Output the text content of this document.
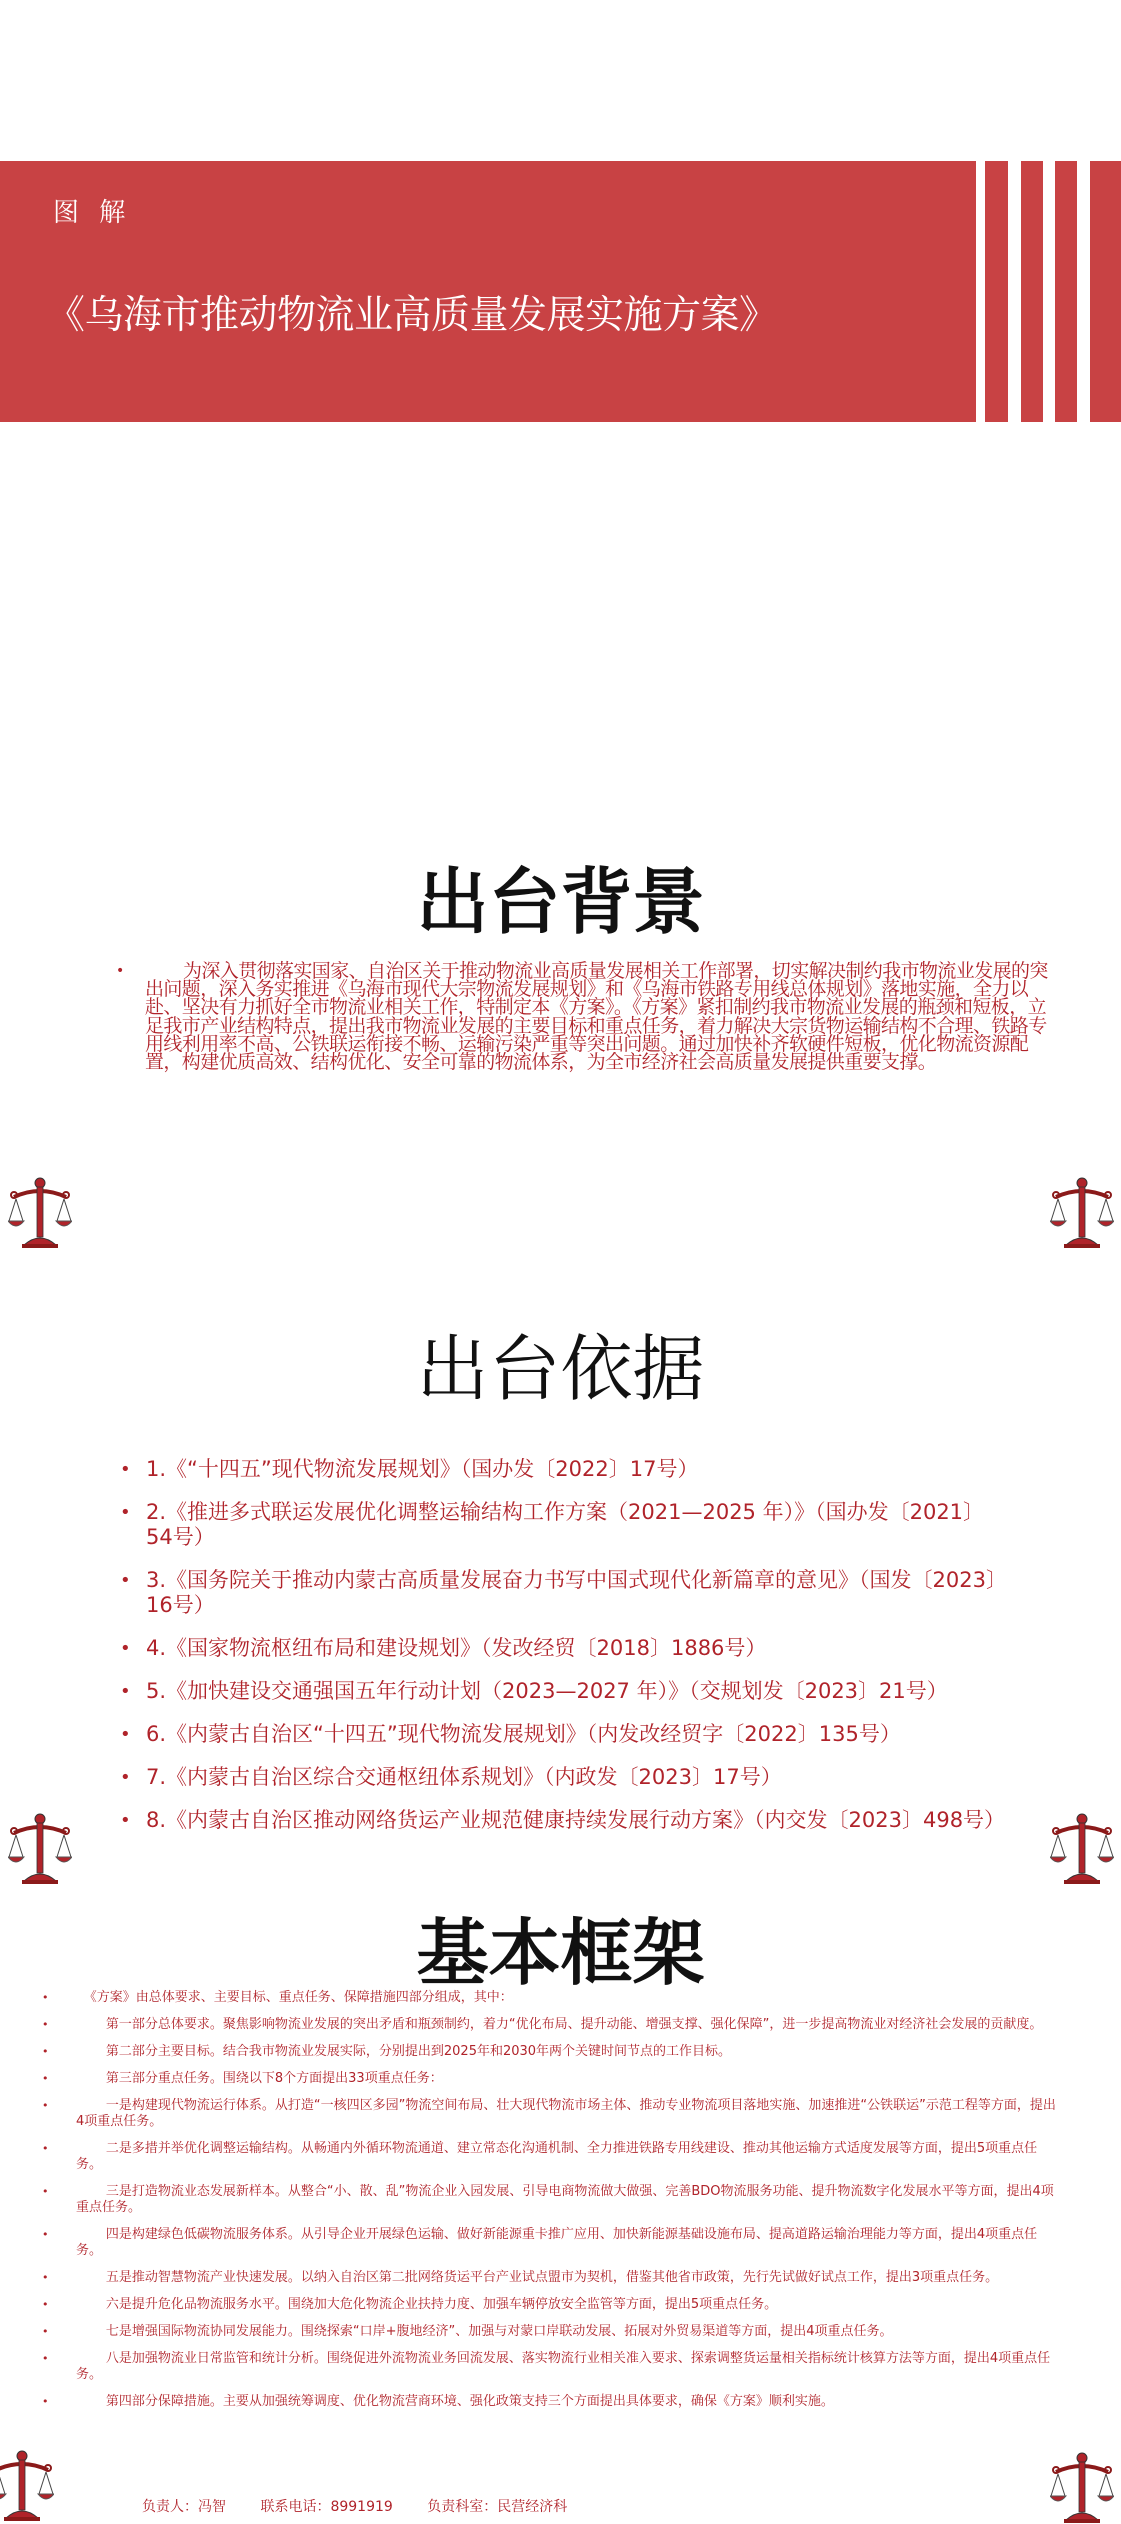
图 解
《乌海市推动物流业高质量发展实施方案》
出台背景
•	为深入贯彻落实国家、自治区关于推动物流业高质量发展相关工作部署，切实解决制约我市物流业发展的突出问题，深入务实推进《乌海市现代大宗物流发展规划》和《乌海市铁路专用线总体规划》落地实施，全力以赴、坚决有力抓好全市物流业相关工作，特制定本《方案》。《方案》紧扣制约我市物流业发展的瓶颈和短板，立足我市产业结构特点，提出我市物流业发展的主要目标和重点任务，着力解决大宗货物运输结构不合理、铁路专用线利用率不高、公铁联运衔接不畅、运输污染严重等突出问题。通过加快补齐软硬件短板，优化物流资源配置，构建优质高效、结构优化、安全可靠的物流体系，为全市经济社会高质量发展提供重要支撑。
出台依据
• 1.《“十四五”现代物流发展规划》（国办发〔2022〕17号）
• 2.《推进多式联运发展优化调整运输结构工作方案（2021—2025 年）》（国办发〔2021〕54号）
• 3.《国务院关于推动内蒙古高质量发展奋力书写中国式现代化新篇章的意见》（国发〔2023〕16号）
• 4.《国家物流枢纽布局和建设规划》（发改经贸〔2018〕1886号）
• 5.《加快建设交通强国五年行动计划（2023—2027 年）》（交规划发〔2023〕21号）
• 6.《内蒙古自治区“十四五”现代物流发展规划》（内发改经贸字〔2022〕135号）
• 7.《内蒙古自治区综合交通枢纽体系规划》（内政发〔2023〕17号）
• 8.《内蒙古自治区推动网络货运产业规范健康持续发展行动方案》（内交发〔2023〕498号）
基本框架
•	《方案》由总体要求、主要目标、重点任务、保障措施四部分组成，其中：
•	第一部分总体要求。聚焦影响物流业发展的突出矛盾和瓶颈制约，着力“优化布局、提升动能、增强支撑、强化保障”，进一步提高物流业对经济社会发展的贡献度。
•	第二部分主要目标。结合我市物流业发展实际，分别提出到2025年和2030年两个关键时间节点的工作目标。
•	第三部分重点任务。围绕以下8个方面提出33项重点任务：
•	一是构建现代物流运行体系。从打造“一核四区多园”物流空间布局、壮大现代物流市场主体、推动专业物流项目落地实施、加速推进“公铁联运”示范工程等方面，提出4项重点任务。
•	二是多措并举优化调整运输结构。从畅通内外循环物流通道、建立常态化沟通机制、全力推进铁路专用线建设、推动其他运输方式适度发展等方面，提出5项重点任务。
•	三是打造物流业态发展新样本。从整合“小、散、乱”物流企业入园发展、引导电商物流做大做强、完善BDO物流服务功能、提升物流数字化发展水平等方面，提出4项重点任务。
•	四是构建绿色低碳物流服务体系。从引导企业开展绿色运输、做好新能源重卡推广应用、加快新能源基础设施布局、提高道路运输治理能力等方面，提出4项重点任务。
•	五是推动智慧物流产业快速发展。以纳入自治区第二批网络货运平台产业试点盟市为契机，借鉴其他省市政策，先行先试做好试点工作，提出3项重点任务。
•	六是提升危化品物流服务水平。围绕加大危化物流企业扶持力度、加强车辆停放安全监管等方面，提出5项重点任务。
•	七是增强国际物流协同发展能力。围绕探索“口岸+腹地经济”、加强与对蒙口岸联动发展、拓展对外贸易渠道等方面，提出4项重点任务。
•	八是加强物流业日常监管和统计分析。围绕促进外流物流业务回流发展、落实物流行业相关准入要求、探索调整货运量相关指标统计核算方法等方面，提出4项重点任务。
•	第四部分保障措施。主要从加强统筹调度、优化物流营商环境、强化政策支持三个方面提出具体要求，确保《方案》顺利实施。
负责人：冯智 联系电话：8991919 负责科室：民营经济科
